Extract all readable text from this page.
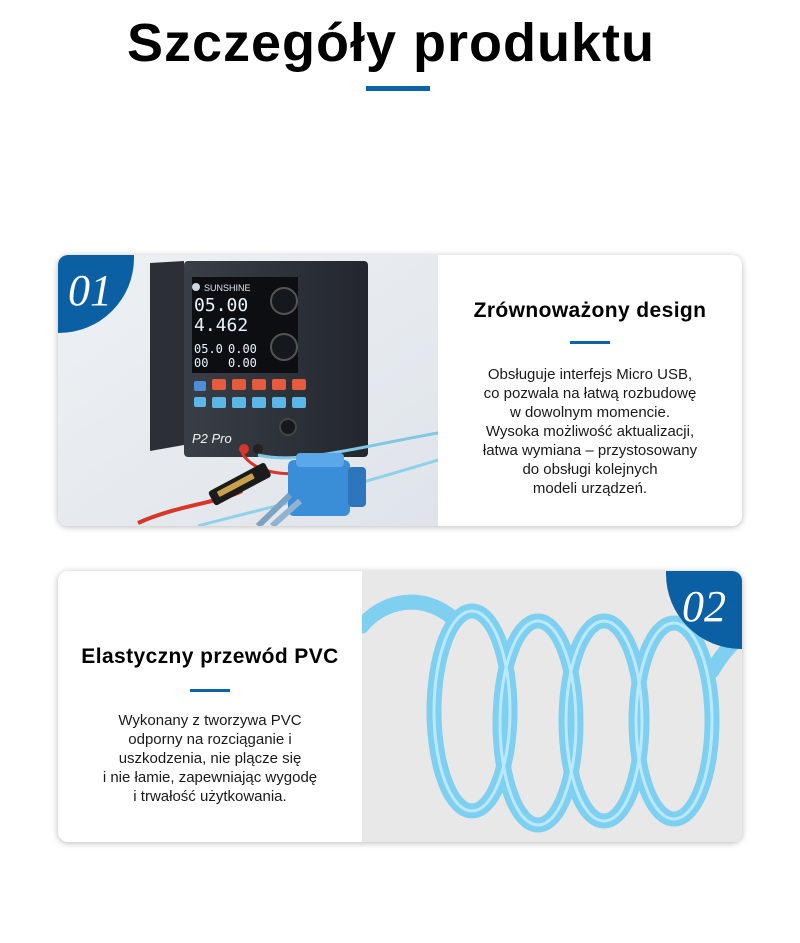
Szczegóły produktu
SUNSHINE
05.00
4.462
05.0 0.00
00 0.00
P2 Pro
01	Zrównoważony design
Obsługuje interfejs Micro USB,
co pozwala na łatwą rozbudowę
w dowolnym momencie.
Wysoka możliwość aktualizacji,
łatwa wymiana – przystosowany
do obsługi kolejnych
modeli urządzeń.
Elastyczny przewód PVC
Wykonany z tworzywa PVC
odporny na rozciąganie i
uszkodzenia, nie plącze się
i nie łamie, zapewniając wygodę
i trwałość użytkowania.
02
